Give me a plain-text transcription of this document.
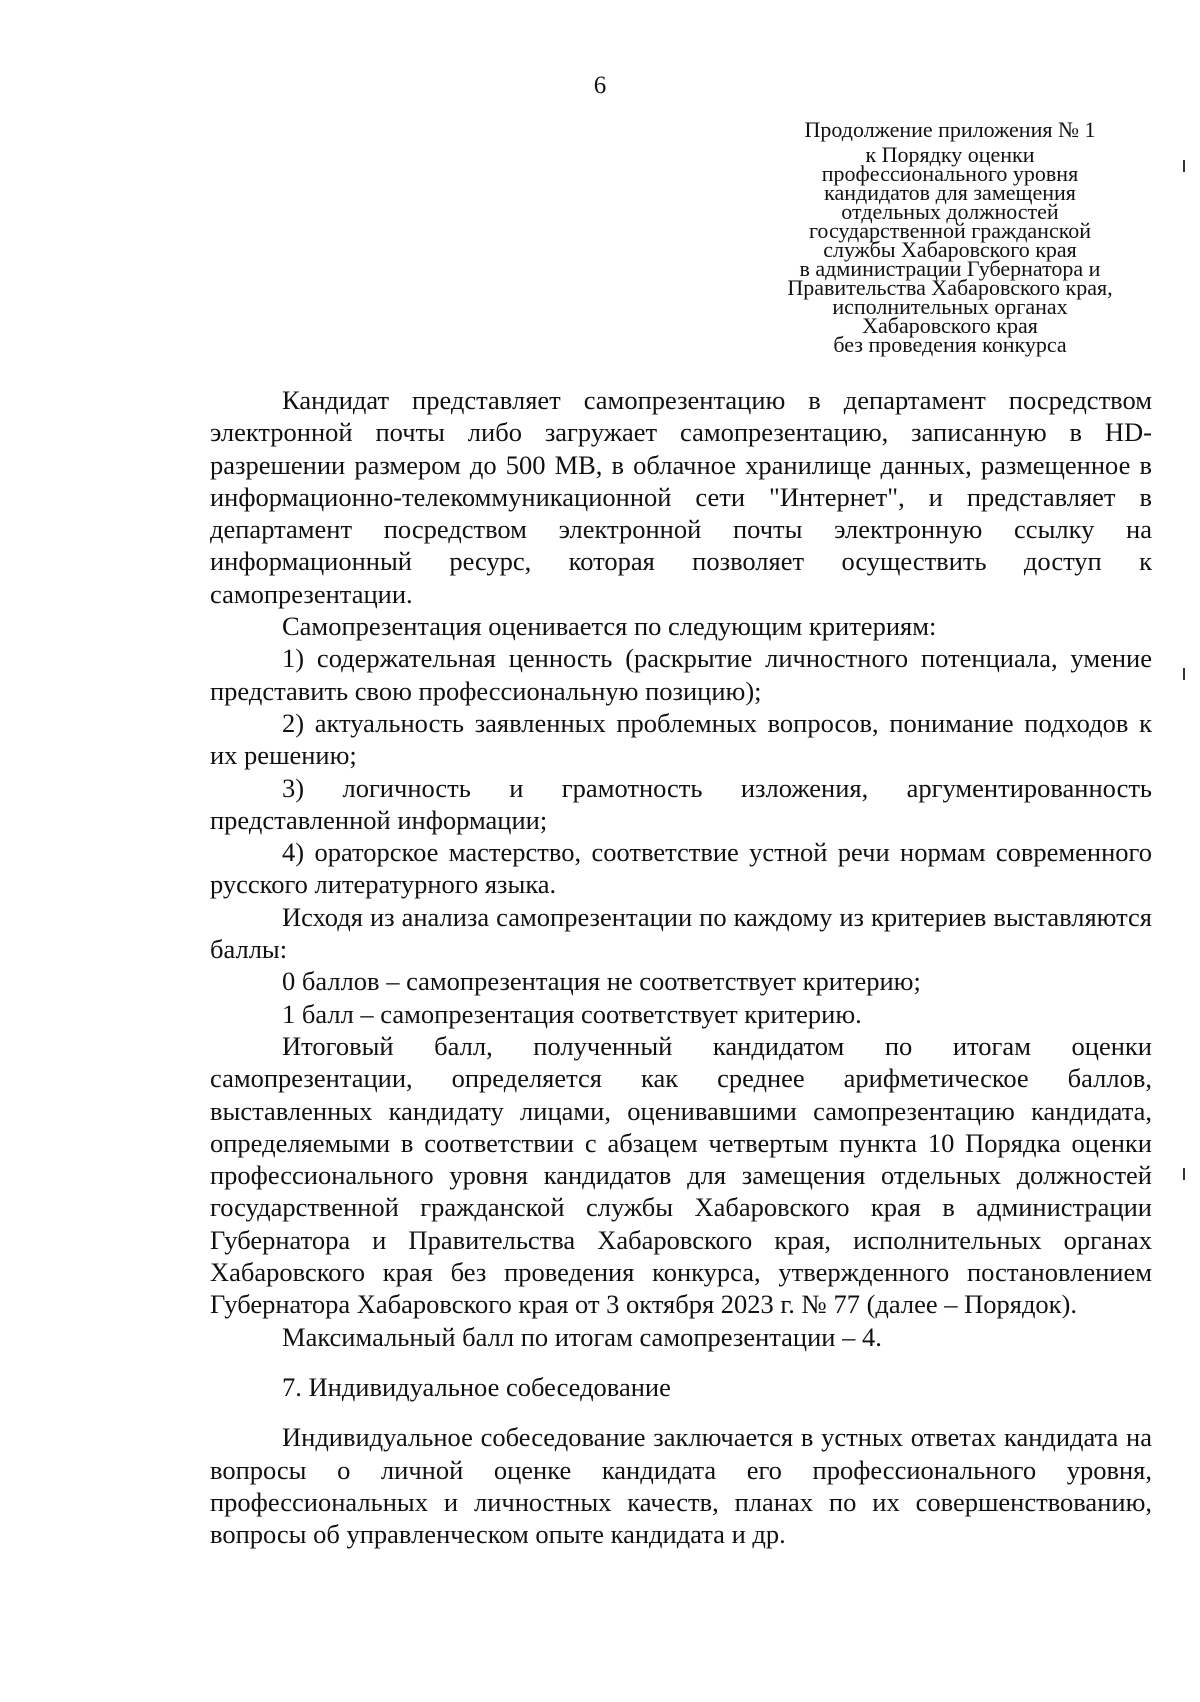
6
Продолжение приложения № 1
к Порядку оценки
профессионального уровня
кандидатов для замещения
отдельных должностей
государственной гражданской
службы Хабаровского края
в администрации Губернатора и
Правительства Хабаровского края,
исполнительных органах
Хабаровского края
без проведения конкурса

Кандидат представляет самопрезентацию в департамент посредством электронной почты либо загружает самопрезентацию, записанную в HD-разрешении размером до 500 MB, в облачное хранилище данных, размещенное в информационно-телекоммуникационной сети "Интернет", и представляет в департамент посредством электронной почты электронную ссылку на информационный ресурс, которая позволяет осуществить доступ к самопрезентации.

Самопрезентация оценивается по следующим критериям:

1) содержательная ценность (раскрытие личностного потенциала, умение представить свою профессиональную позицию);

2) актуальность заявленных проблемных вопросов, понимание подходов к их решению;

3) логичность и грамотность изложения, аргументированность представленной информации;

4) ораторское мастерство, соответствие устной речи нормам современного русского литературного языка.

Исходя из анализа самопрезентации по каждому из критериев выставляются баллы:

0 баллов – самопрезентация не соответствует критерию;

1 балл – самопрезентация соответствует критерию.

Итоговый балл, полученный кандидатом по итогам оценки самопрезентации, определяется как среднее арифметическое баллов, выставленных кандидату лицами, оценивавшими самопрезентацию кандидата, определяемыми в соответствии с абзацем четвертым пункта 10 Порядка оценки профессионального уровня кандидатов для замещения отдельных должностей государственной гражданской службы Хабаровского края в администрации Губернатора и Правительства Хабаровского края, исполнительных органах Хабаровского края без проведения конкурса, утвержденного постановлением Губернатора Хабаровского края от 3 октября 2023 г. № 77 (далее – Порядок).

Максимальный балл по итогам самопрезентации – 4.

7. Индивидуальное собеседование

Индивидуальное собеседование заключается в устных ответах кандидата на вопросы о личной оценке кандидата его профессионального уровня, профессиональных и личностных качеств, планах по их совершенствованию, вопросы об управленческом опыте кандидата и др.
